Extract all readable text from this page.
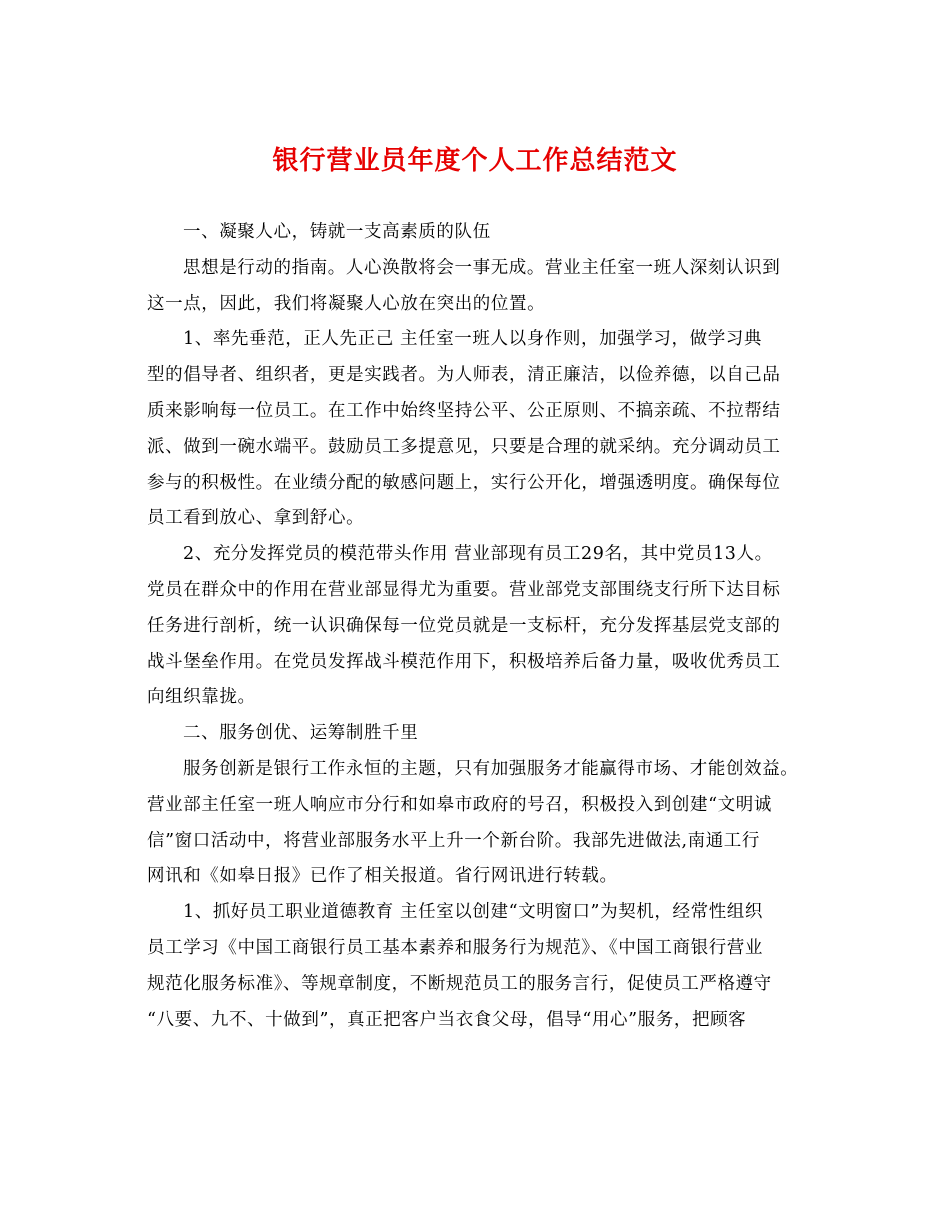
银行营业员年度个人工作总结范文
一、凝聚人心，铸就一支高素质的队伍
思想是行动的指南。人心涣散将会一事无成。营业主任室一班人深刻认识到
这一点，因此，我们将凝聚人心放在突出的位置。
1、率先垂范，正人先正己 主任室一班人以身作则，加强学习，做学习典
型的倡导者、组织者，更是实践者。为人师表，清正廉洁，以俭养德，以自己品
质来影响每一位员工。在工作中始终坚持公平、公正原则、不搞亲疏、不拉帮结
派、做到一碗水端平。鼓励员工多提意见，只要是合理的就采纳。充分调动员工
参与的积极性。在业绩分配的敏感问题上，实行公开化，增强透明度。确保每位
员工看到放心、拿到舒心。
2、充分发挥党员的模范带头作用 营业部现有员工29名，其中党员13人。
党员在群众中的作用在营业部显得尤为重要。营业部党支部围绕支行所下达目标
任务进行剖析，统一认识确保每一位党员就是一支标杆，充分发挥基层党支部的
战斗堡垒作用。在党员发挥战斗模范作用下，积极培养后备力量，吸收优秀员工
向组织靠拢。
二、服务创优、运筹制胜千里
服务创新是银行工作永恒的主题，只有加强服务才能赢得市场、才能创效益。
营业部主任室一班人响应市分行和如皋市政府的号召，积极投入到创建“文明诚
信”窗口活动中，将营业部服务水平上升一个新台阶。我部先进做法,南通工行
网讯和《如皋日报》已作了相关报道。省行网讯进行转载。
1、抓好员工职业道德教育 主任室以创建“文明窗口”为契机，经常性组织
员工学习《中国工商银行员工基本素养和服务行为规范》、《中国工商银行营业
规范化服务标准》、等规章制度，不断规范员工的服务言行，促使员工严格遵守
“八要、九不、十做到”，真正把客户当衣食父母，倡导“用心”服务，把顾客
